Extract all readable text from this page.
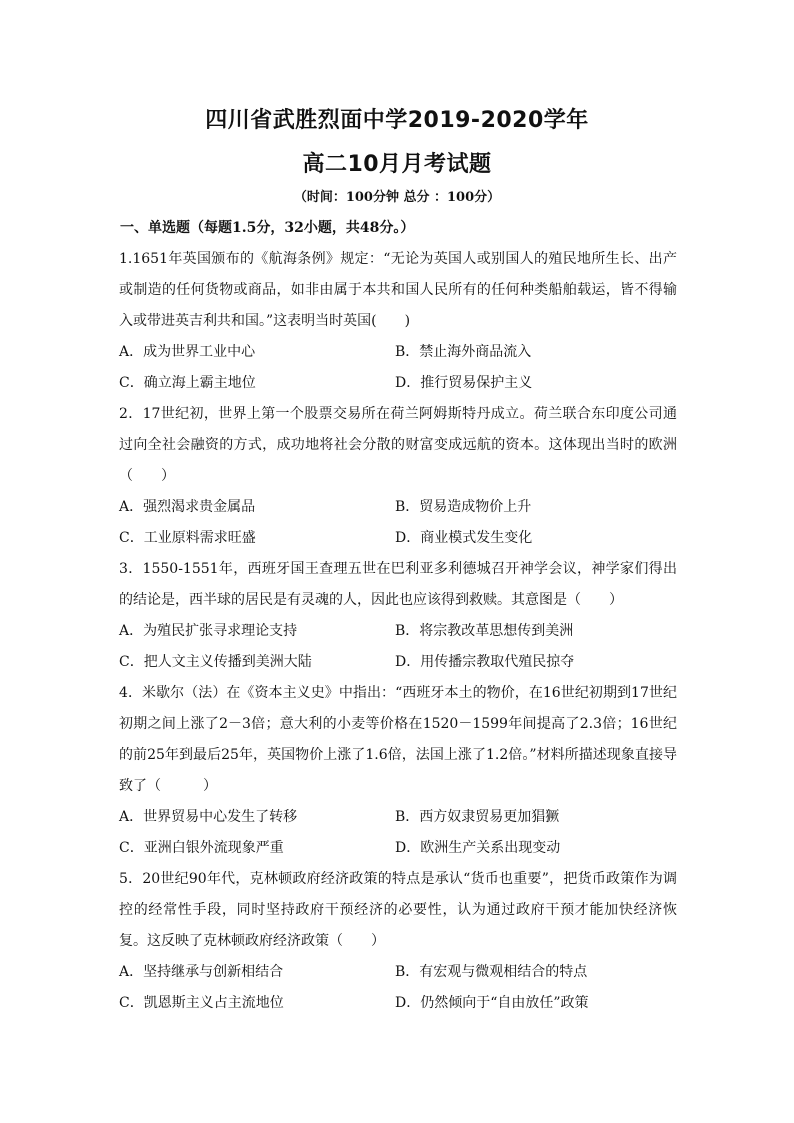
四川省武胜烈面中学2019-2020学年
高二10月月考试题
（时间：100分钟 总分 ：100分）
一、单选题（每题1.5分，32小题，共48分。）

1.1651年英国颁布的《航海条例》规定：“无论为英国人或别国人的殖民地所生长、出产或制造的任何货物或商品，如非由属于本共和国人民所有的任何种类船舶载运，皆不得输入或带进英吉利共和国。”这表明当时英国(　　)

A．成为世界工业中心	B．禁止海外商品流入
C．确立海上霸主地位	D．推行贸易保护主义

2．17世纪初，世界上第一个股票交易所在荷兰阿姆斯特丹成立。荷兰联合东印度公司通过向全社会融资的方式，成功地将社会分散的财富变成远航的资本。这体现出当时的欧洲（　　）

A．强烈渴求贵金属品	B．贸易造成物价上升
C．工业原料需求旺盛	D．商业模式发生变化

3．1550-1551年，西班牙国王查理五世在巴利亚多利德城召开神学会议，神学家们得出的结论是，西半球的居民是有灵魂的人，因此也应该得到救赎。其意图是（　　）

A．为殖民扩张寻求理论支持	B．将宗教改革思想传到美洲
C．把人文主义传播到美洲大陆	D．用传播宗教取代殖民掠夺

4．米歇尔（法）在《资本主义史》中指出：“西班牙本土的物价，在16世纪初期到17世纪初期之间上涨了2－3倍；意大利的小麦等价格在1520－1599年间提高了2.3倍；16世纪的前25年到最后25年，英国物价上涨了1.6倍，法国上涨了1.2倍。”材料所描述现象直接导致了（　　　）

A．世界贸易中心发生了转移	B．西方奴隶贸易更加猖獗
C．亚洲白银外流现象严重	D．欧洲生产关系出现变动

5．20世纪90年代，克林顿政府经济政策的特点是承认“货币也重要”，把货币政策作为调控的经常性手段，同时坚持政府干预经济的必要性，认为通过政府干预才能加快经济恢复。这反映了克林顿政府经济政策（　　）

A．坚持继承与创新相结合	B．有宏观与微观相结合的特点
C．凯恩斯主义占主流地位	D．仍然倾向于“自由放任”政策
